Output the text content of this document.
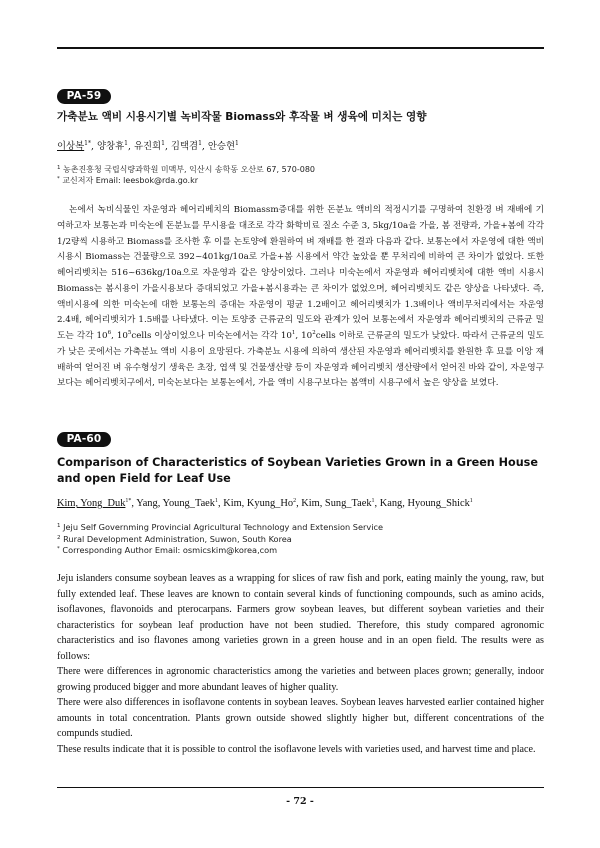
PA-59
가축분뇨 액비 시용시기별 녹비작물 Biomass와 후작물 벼 생육에 미치는 영향
이상복$^{1*}$, 양창휴$^1$, 유진희$^1$, 김택겸$^1$, 안승현$^1$
$^1$ 농촌진흥청 국립식량과학원 미맥부, 익산시 송학동 오산로 67, 570-080
* 교신저자 Email: leesbok@rda.go.kr

논에서 녹비식물인 자운영과 헤어리베치의 Biomassm증대를 위한 돈분뇨 액비의 적정시기를 구명하여 친환경 벼 재배에 기여하고자 보통논과 미숙논에 돈분뇨를 무시용을 대조로 각각 화학비료 질소 수준 3, 5kg/10a을 가을, 봄 전량과, 가을+봄에 각각 1/2량씩 시용하고 Biomass를 조사한 후 이를 논토양에 환원하여 벼 재배를 한 결과 다음과 같다. 보통논에서 자운영에 대한 액비 시용시 Biomass는 건물량으로 392~401kg/10a로 가을+봄 시용에서 약간 높았을 뿐 무처리에 비하여 큰 차이가 없었다. 또한 헤어리벳치는 516~636kg/10a으로 자운영과 같은 양상이었다. 그러나 미숙논에서 자운영과 헤어리벳치에 대한 액비 시용시 Biomass는 봄시용이 가을시용보다 증대되었고 가을+봄시용과는 큰 차이가 없었으며, 헤어리벳치도 같은 양상을 나타냈다. 즉, 액비시용에 의한 미숙논에 대한 보통논의 증대는 자운영이 평균 1.2배이고 헤어리벳치가 1.3배이나 액비무처리에서는 자운영 2.4배, 헤어리벳치가 1.5배를 나타냈다. 이는 토양중 근류균의 밀도와 관계가 있어 보통논에서 자운영과 헤어리벳치의 근류균 밀도는 각각 $10^6$, $10^5cells$ 이상이었으나 미숙논에서는 각각 $10^1$, $10^2cells$ 이하로 근류균의 밀도가 낮았다. 따라서 근류균의 밀도가 낮은 곳에서는 가축분뇨 액비 시용이 요망된다. 가축분뇨 시용에 의하여 생산된 자운영과 헤어리벳치를 환원한 후 묘를 이앙 재배하여 얻어진 벼 유수형성기 생육은 초장, 엽색 및 건물생산량 등이 자운영과 헤어리벳치 생산량에서 얻어진 바와 같이, 자운영구보다는 헤어리벳치구에서, 미숙논보다는 보통논에서, 가을 액비 시용구보다는 봄액비 시용구에서 높은 양상을 보였다.

PA-60
Comparison of Characteristics of Soybean Varieties Grown in a Green House and open Field for Leaf Use
Kim, Yong_Duk$^{1*}$, Yang, Young_Taek$^1$, Kim, Kyung_Ho$^2$, Kim, Sung_Taek$^1$, Kang, Hyoung_Shick$^1$
$^1$ Jeju Self Governming Provincial Agricultural Technology and Extension Service
$^2$ Rural Development Administration, Suwon, South Korea
* Corresponding Author Email: osmicskim@korea,com

Jeju islanders consume soybean leaves as a wrapping for slices of raw fish and pork, eating mainly the young, raw, but fully extended leaf. These leaves are known to contain several kinds of functioning compounds, such as amino acids, isoflavones, flavonoids and pterocarpans. Farmers grow soybean leaves, but different soybean varieties and their characteristics for soybean leaf production have not been studied. Therefore, this study compared agronomic characteristics and iso flavones among varieties grown in a green house and in an open field. The results were as follows:

There were differences in agronomic characteristics among the varieties and between places grown; generally, indoor growing produced bigger and more abundant leaves of higher quality.

There were also differences in isoflavone contents in soybean leaves. Soybean leaves harvested earlier contained higher amounts in total concentration. Plants grown outside showed slightly higher but, different concentrations of the compunds studied.

These results indicate that it is possible to control the isoflavone levels with varieties used, and harvest time and place.

- 72 -
